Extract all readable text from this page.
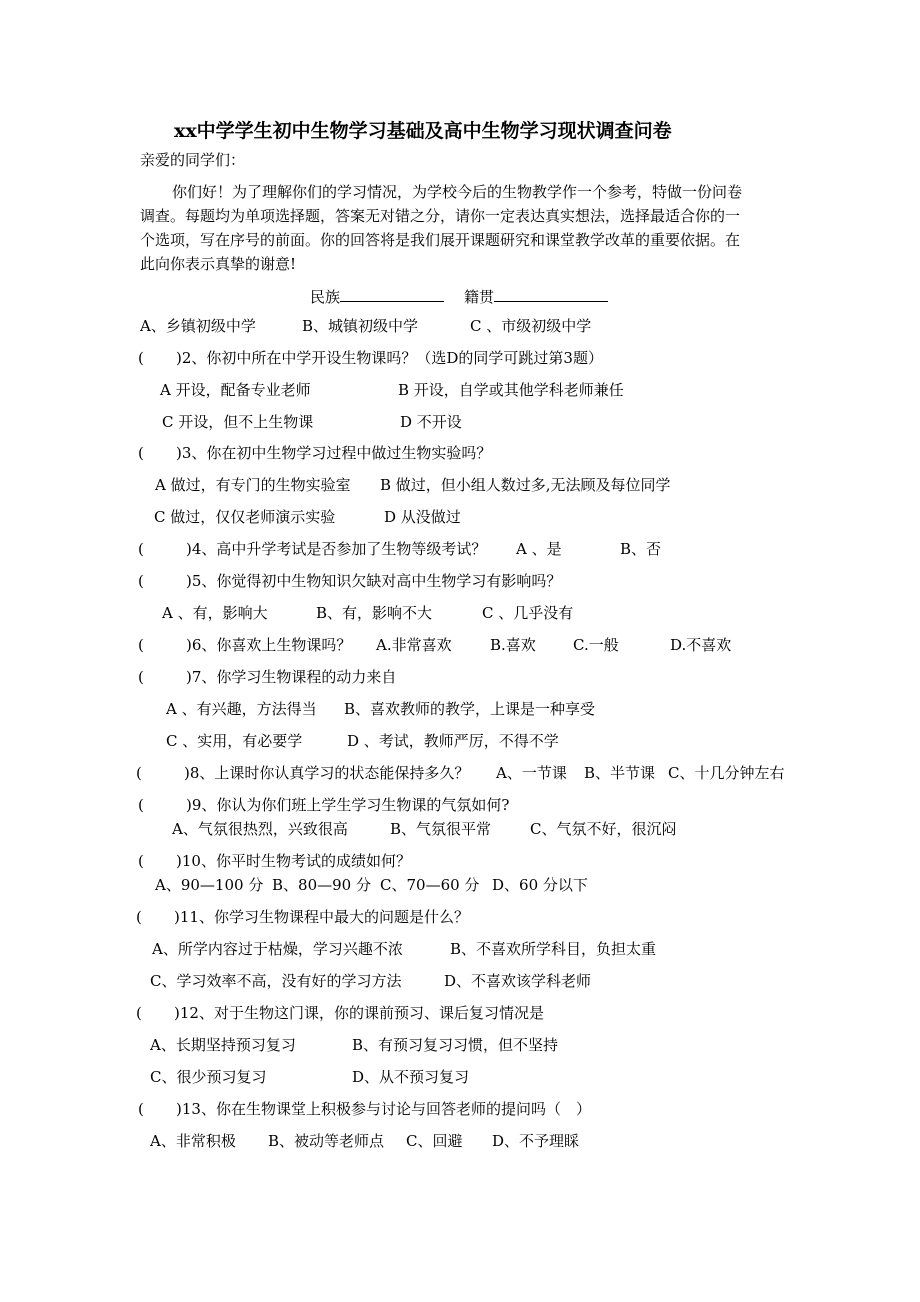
xx中学学生初中生物学习基础及高中生物学习现状调查问卷
亲爱的同学们：
你们好！为了理解你们的学习情况，为学校今后的生物教学作一个参考，特做一份问卷
调查。每题均为单项选择题，答案无对错之分，请你一定表达真实想法，选择最适合你的一
个选项，写在序号的前面。你的回答将是我们展开课题研究和课堂教学改革的重要依据。在
此向你表示真挚的谢意!
民族	籍贯
A、乡镇初级中学	B、城镇初级中学	C 、市级初级中学
( )2、你初中所在中学开设生物课吗？（选D的同学可跳过第3题）
A 开设，配备专业老师	B 开设，自学或其他学科老师兼任
C 开设，但不上生物课	D 不开设
( )3、你在初中生物学习过程中做过生物实验吗？
A 做过，有专门的生物实验室 B 做过，但小组人数过多,无法顾及每位同学
C 做过，仅仅老师演示实验	D 从没做过
(	)4、高中升学考试是否参加了生物等级考试？ A 、是	B、否
(	)5、你觉得初中生物知识欠缺对高中生物学习有影响吗？
A 、有，影响大	B、有，影响不大	C 、几乎没有
(	)6、你喜欢上生物课吗？ A.非常喜欢	B.喜欢 C.一般	D.不喜欢
(	)7、你学习生物课程的动力来自
A 、有兴趣，方法得当 B、喜欢教师的教学，上课是一种享受
C 、实用，有必要学	D 、考试，教师严厉，不得不学
(	)8、上课时你认真学习的状态能保持多久？ A、一节课 B、半节课 C、十几分钟左右
(	)9、你认为你们班上学生学习生物课的气氛如何?
A、气氛很热烈，兴致很高	B、气氛很平常	C、气氛不好，很沉闷
( )10、你平时生物考试的成绩如何？
A、90—100 分 B、80—90 分 C、70—60 分 D、60 分以下
( )11、你学习生物课程中最大的问题是什么？
A、所学内容过于枯燥，学习兴趣不浓	B、不喜欢所学科目，负担太重
C、学习效率不高，没有好的学习方法	D、不喜欢该学科老师
( )12、对于生物这门课，你的课前预习、课后复习情况是
A、长期坚持预习复习	B、有预习复习习惯，但不坚持
C、很少预习复习	D、从不预习复习
( )13、你在生物课堂上积极参与讨论与回答老师的提问吗（　）
A、非常积极 B、被动等老师点 C、回避 D、不予理睬
